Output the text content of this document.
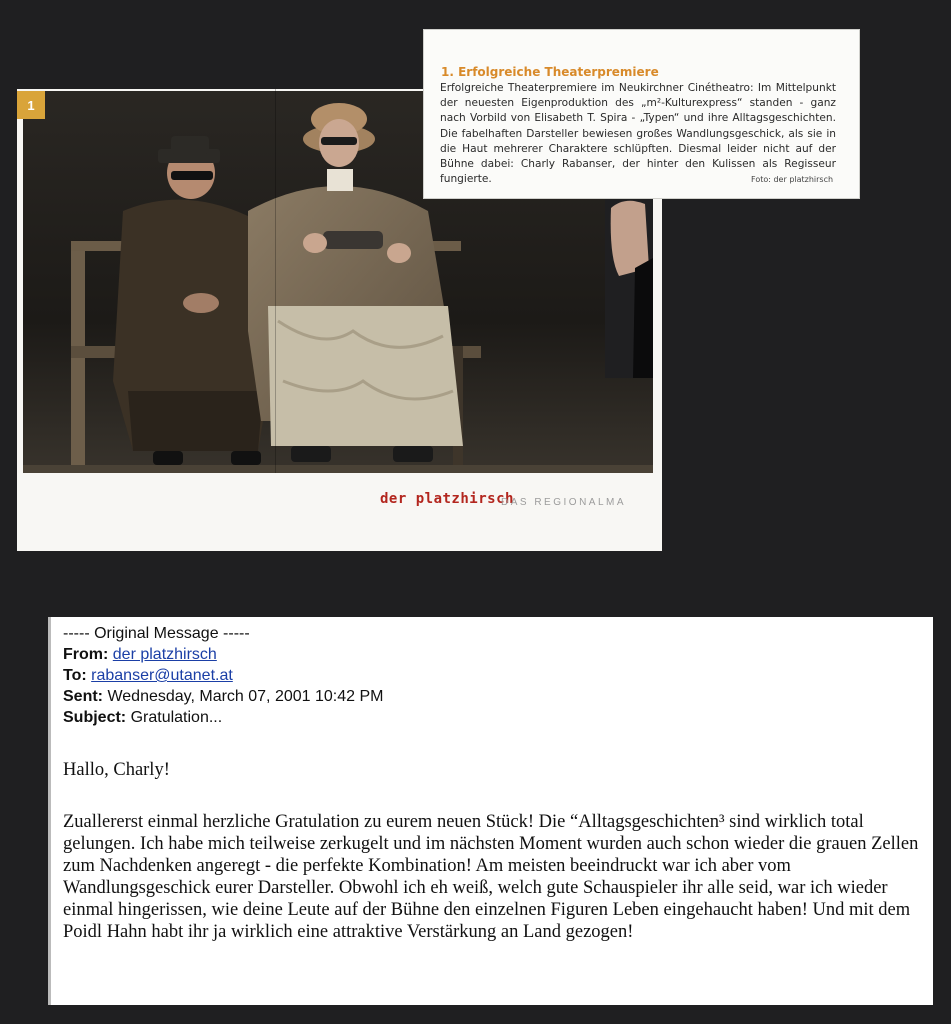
1
der platzhirsch
DAS REGIONALMA
1. Erfolgreiche Theaterpremiere
Erfolgreiche Theaterpremiere im Neukirchner Cinétheatro: Im Mittelpunkt der neuesten Eigenproduktion des „m²-Kulturexpress“ standen - ganz nach Vorbild von Elisabeth T. Spira - „Typen“ und ihre Alltagsgeschichten. Die fabelhaften Darsteller bewiesen großes Wandlungsgeschick, als sie in die Haut mehrerer Charaktere schlüpften. Diesmal leider nicht auf der Bühne dabei: Charly Rabanser, der hinter den Kulissen als Regisseur fungierte.	Foto: der platzhirsch
----- Original Message -----
From: der platzhirsch
To: rabanser@utanet.at
Sent: Wednesday, March 07, 2001 10:42 PM
Subject: Gratulation...

Hallo, Charly!

Zuallererst einmal herzliche Gratulation zu eurem neuen Stück! Die “Alltagsgeschichten³ sind wirklich total gelungen. Ich habe mich teilweise zerkugelt und im nächsten Moment wurden auch schon wieder die grauen Zellen zum Nachdenken angeregt - die perfekte Kombination! Am meisten beeindruckt war ich aber vom Wandlungsgeschick eurer Darsteller. Obwohl ich eh weiß, welch gute Schauspieler ihr alle seid, war ich wieder einmal hingerissen, wie deine Leute auf der Bühne den einzelnen Figuren Leben eingehaucht haben! Und mit dem Poidl Hahn habt ihr ja wirklich eine attraktive Verstärkung an Land gezogen!
